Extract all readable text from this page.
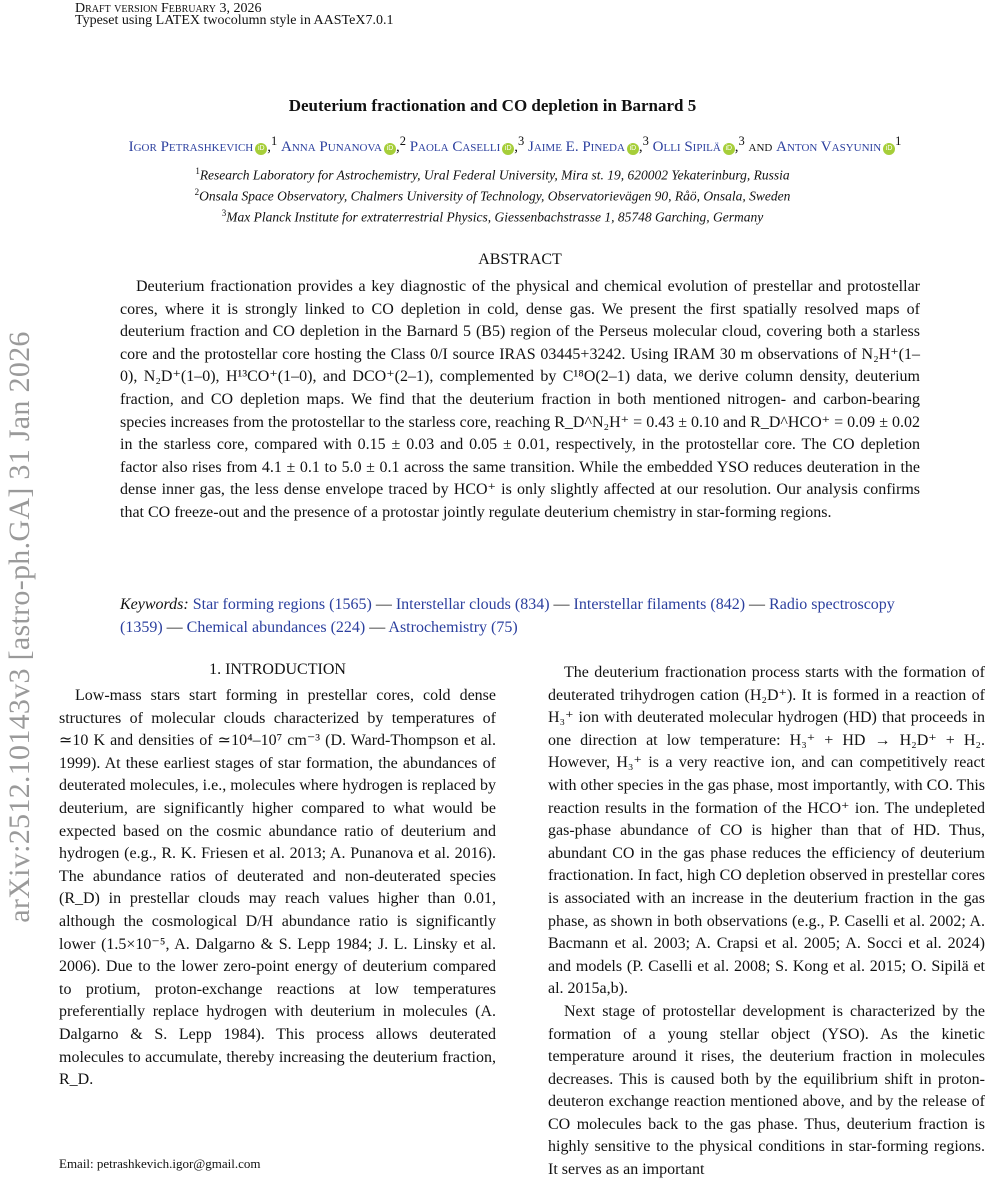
Draft version February 3, 2026
Typeset using LATEX twocolumn style in AASTeX7.0.1
arXiv:2512.10143v3 [astro-ph.GA] 31 Jan 2026
Deuterium fractionation and CO depletion in Barnard 5
Igor Petrashkevich iD ,$^1$ Anna Punanova iD ,$^2$ Paola Caselli iD ,$^3$ Jaime E. Pineda iD ,$^3$ Olli Sipilä iD ,$^3$ and Anton Vasyunin $iD^1$
$^1$Research Laboratory for Astrochemistry, Ural Federal University, Mira st. 19, 620002 Yekaterinburg, Russia
$^2$Onsala Space Observatory, Chalmers University of Technology, Observatorievägen 90, Råö, Onsala, Sweden
$^3$Max Planck Institute for extraterrestrial Physics, Giessenbachstrasse 1, 85748 Garching, Germany
ABSTRACT
Deuterium fractionation provides a key diagnostic of the physical and chemical evolution of prestellar and protostellar cores, where it is strongly linked to CO depletion in cold, dense gas. We present the first spatially resolved maps of deuterium fraction and CO depletion in the Barnard 5 (B5) region of the Perseus molecular cloud, covering both a starless core and the protostellar core hosting the Class 0/I source IRAS 03445+3242. Using IRAM 30 m observations of N₂H⁺(1–0), N₂D⁺(1–0), H¹³CO⁺(1–0), and DCO⁺(2–1), complemented by C¹⁸O(2–1) data, we derive column density, deuterium fraction, and CO depletion maps. We find that the deuterium fraction in both mentioned nitrogen- and carbon-bearing species increases from the protostellar to the starless core, reaching R_D^N₂H⁺ = 0.43 ± 0.10 and R_D^HCO⁺ = 0.09 ± 0.02 in the starless core, compared with 0.15 ± 0.03 and 0.05 ± 0.01, respectively, in the protostellar core. The CO depletion factor also rises from 4.1 ± 0.1 to 5.0 ± 0.1 across the same transition. While the embedded YSO reduces deuteration in the dense inner gas, the less dense envelope traced by HCO⁺ is only slightly affected at our resolution. Our analysis confirms that CO freeze-out and the presence of a protostar jointly regulate deuterium chemistry in star-forming regions.
Keywords: Star forming regions (1565) — Interstellar clouds (834) — Interstellar filaments (842) — Radio spectroscopy (1359) — Chemical abundances (224) — Astrochemistry (75)
1. INTRODUCTION

Low-mass stars start forming in prestellar cores, cold dense structures of molecular clouds characterized by temperatures of ≃10 K and densities of ≃10⁴–10⁷ cm⁻³ (D. Ward-Thompson et al. 1999). At these earliest stages of star formation, the abundances of deuterated molecules, i.e., molecules where hydrogen is replaced by deuterium, are significantly higher compared to what would be expected based on the cosmic abundance ratio of deuterium and hydrogen (e.g., R. K. Friesen et al. 2013; A. Punanova et al. 2016). The abundance ratios of deuterated and non-deuterated species (R_D) in prestellar clouds may reach values higher than 0.01, although the cosmological D/H abundance ratio is significantly lower (1.5×10⁻⁵, A. Dalgarno & S. Lepp 1984; J. L. Linsky et al. 2006). Due to the lower zero-point energy of deuterium compared to protium, proton-exchange reactions at low temperatures preferentially replace hydrogen with deuterium in molecules (A. Dalgarno & S. Lepp 1984). This process allows deuterated molecules to accumulate, thereby increasing the deuterium fraction, R_D.

The deuterium fractionation process starts with the formation of deuterated trihydrogen cation (H₂D⁺). It is formed in a reaction of H₃⁺ ion with deuterated molecular hydrogen (HD) that proceeds in one direction at low temperature: H₃⁺ + HD → H₂D⁺ + H₂. However, H₃⁺ is a very reactive ion, and can competitively react with other species in the gas phase, most importantly, with CO. This reaction results in the formation of the HCO⁺ ion. The undepleted gas-phase abundance of CO is higher than that of HD. Thus, abundant CO in the gas phase reduces the efficiency of deuterium fractionation. In fact, high CO depletion observed in prestellar cores is associated with an increase in the deuterium fraction in the gas phase, as shown in both observations (e.g., P. Caselli et al. 2002; A. Bacmann et al. 2003; A. Crapsi et al. 2005; A. Socci et al. 2024) and models (P. Caselli et al. 2008; S. Kong et al. 2015; O. Sipilä et al. 2015a,b).

Next stage of protostellar development is characterized by the formation of a young stellar object (YSO). As the kinetic temperature around it rises, the deuterium fraction in molecules decreases. This is caused both by the equilibrium shift in proton-deuteron exchange reaction mentioned above, and by the release of CO molecules back to the gas phase. Thus, deuterium fraction is highly sensitive to the physical conditions in star-forming regions. It serves as an important

Email: petrashkevich.igor@gmail.com
